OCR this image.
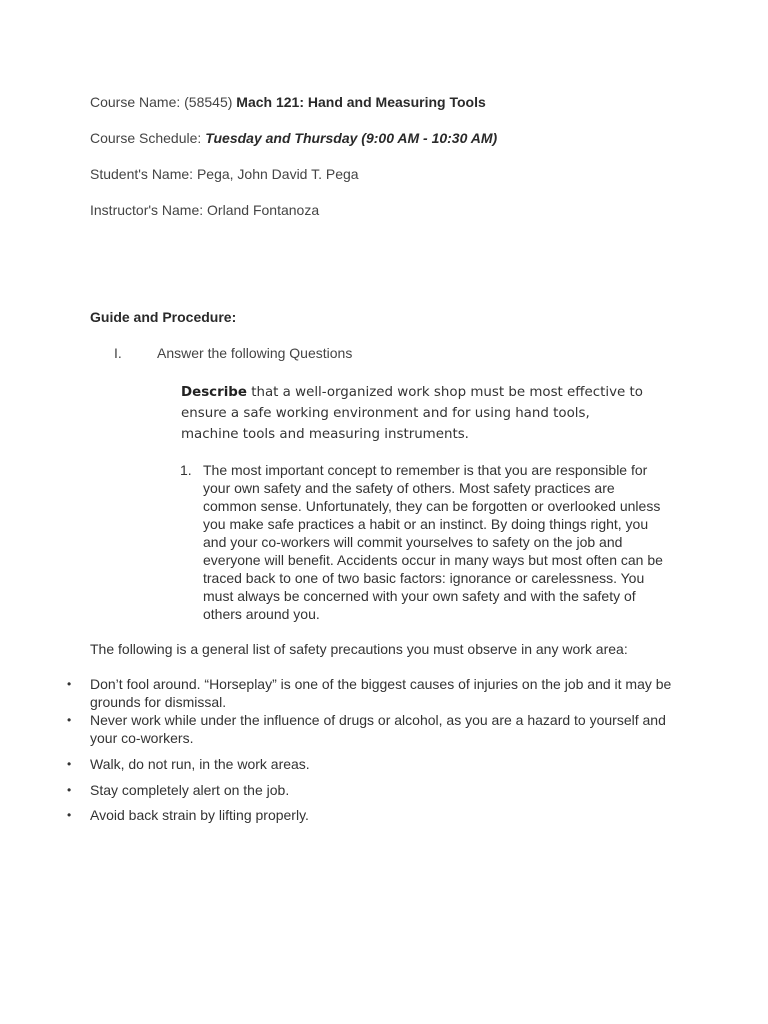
Course Name: (58545) Mach 121: Hand and Measuring Tools
Course Schedule: Tuesday and Thursday (9:00 AM - 10:30 AM)
Student's Name: Pega, John David T. Pega
Instructor's Name: Orland Fontanoza
Guide and Procedure:
I.	Answer the following Questions
Describe that a well-organized work shop must be most effective to ensure a safe working environment and for using hand tools, machine tools and measuring instruments.
1. The most important concept to remember is that you are responsible for your own safety and the safety of others. Most safety practices are common sense. Unfortunately, they can be forgotten or overlooked unless you make safe practices a habit or an instinct. By doing things right, you and your co-workers will commit yourselves to safety on the job and everyone will benefit. Accidents occur in many ways but most often can be traced back to one of two basic factors: ignorance or carelessness. You must always be concerned with your own safety and with the safety of others around you.
The following is a general list of safety precautions you must observe in any work area:
• Don’t fool around. “Horseplay” is one of the biggest causes of injuries on the job and it may be grounds for dismissal.
• Never work while under the influence of drugs or alcohol, as you are a hazard to yourself and your co-workers.
• Walk, do not run, in the work areas.
• Stay completely alert on the job.
• Avoid back strain by lifting properly.
